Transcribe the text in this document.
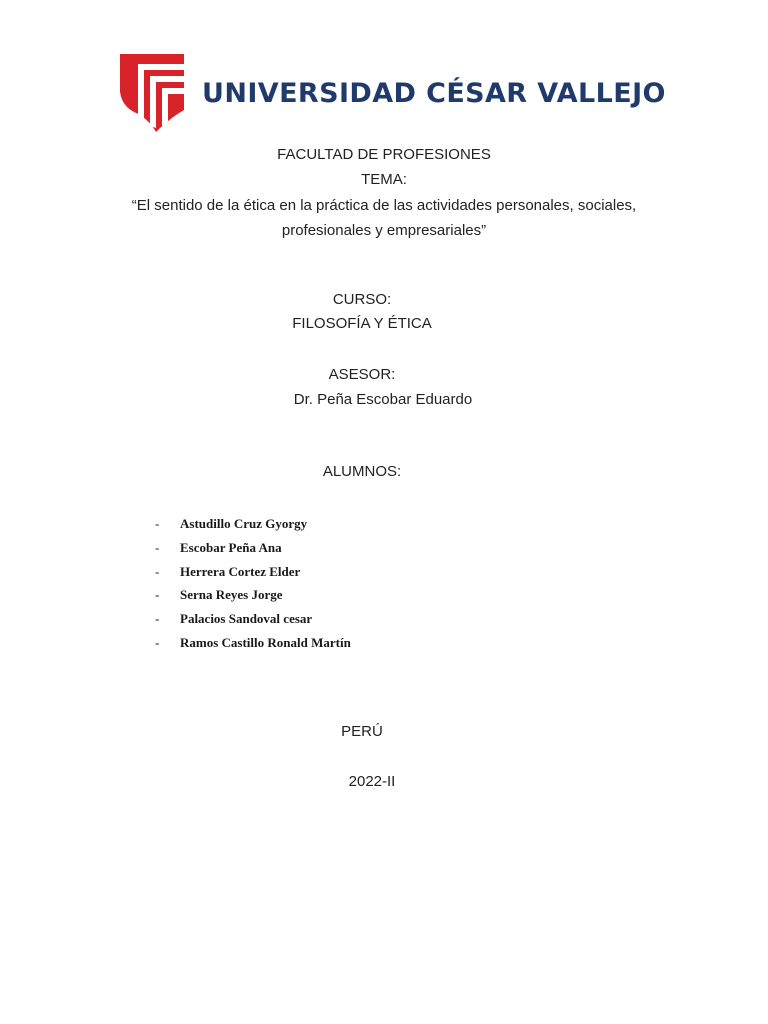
UNIVERSIDAD CÉSAR VALLEJO
FACULTAD DE PROFESIONES
TEMA:
“El sentido de la ética en la práctica de las actividades personales, sociales,
profesionales y empresariales”
CURSO:
FILOSOFÍA Y ÉTICA
ASESOR:
Dr. Peña Escobar Eduardo
ALUMNOS:
- Astudillo Cruz Gyorgy
- Escobar Peña Ana
- Herrera Cortez Elder
- Serna Reyes Jorge
- Palacios Sandoval cesar
- Ramos Castillo Ronald Martín
PERÚ
2022-II
